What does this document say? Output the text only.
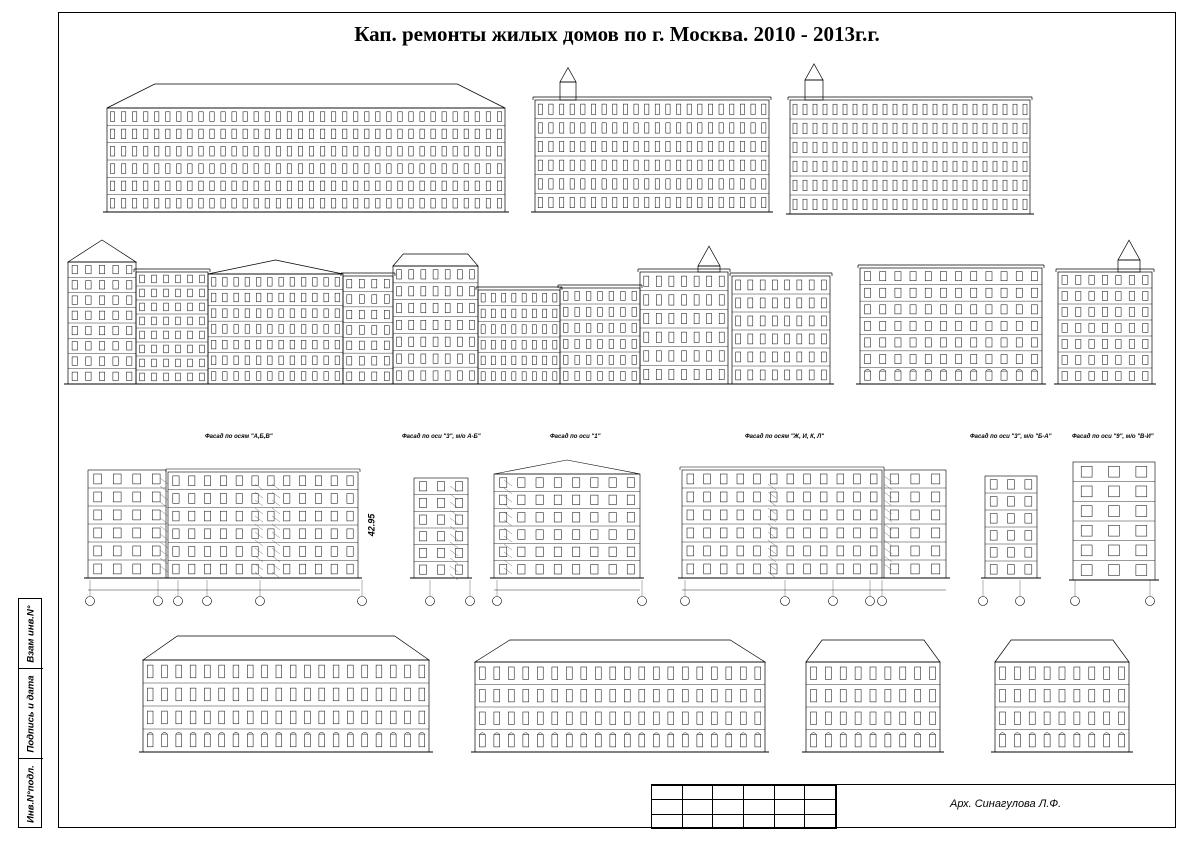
Кап. ремонты жилых домов по г. Москва. 2010 - 2013г.г.
Фасад по осям "А,Б,В"	Фасад по оси "3", м/о А-Б"	Фасад по оси "1"	Фасад по осям "Ж, И, К, Л"	Фасад по оси "3", м/о "Б-А"	Фасад по оси "9", м/о "В-И"
42.95
Взам инв.N°
Подпись и дата
Инв.N°подл.

						Арх. Синагулова Л.Ф.
